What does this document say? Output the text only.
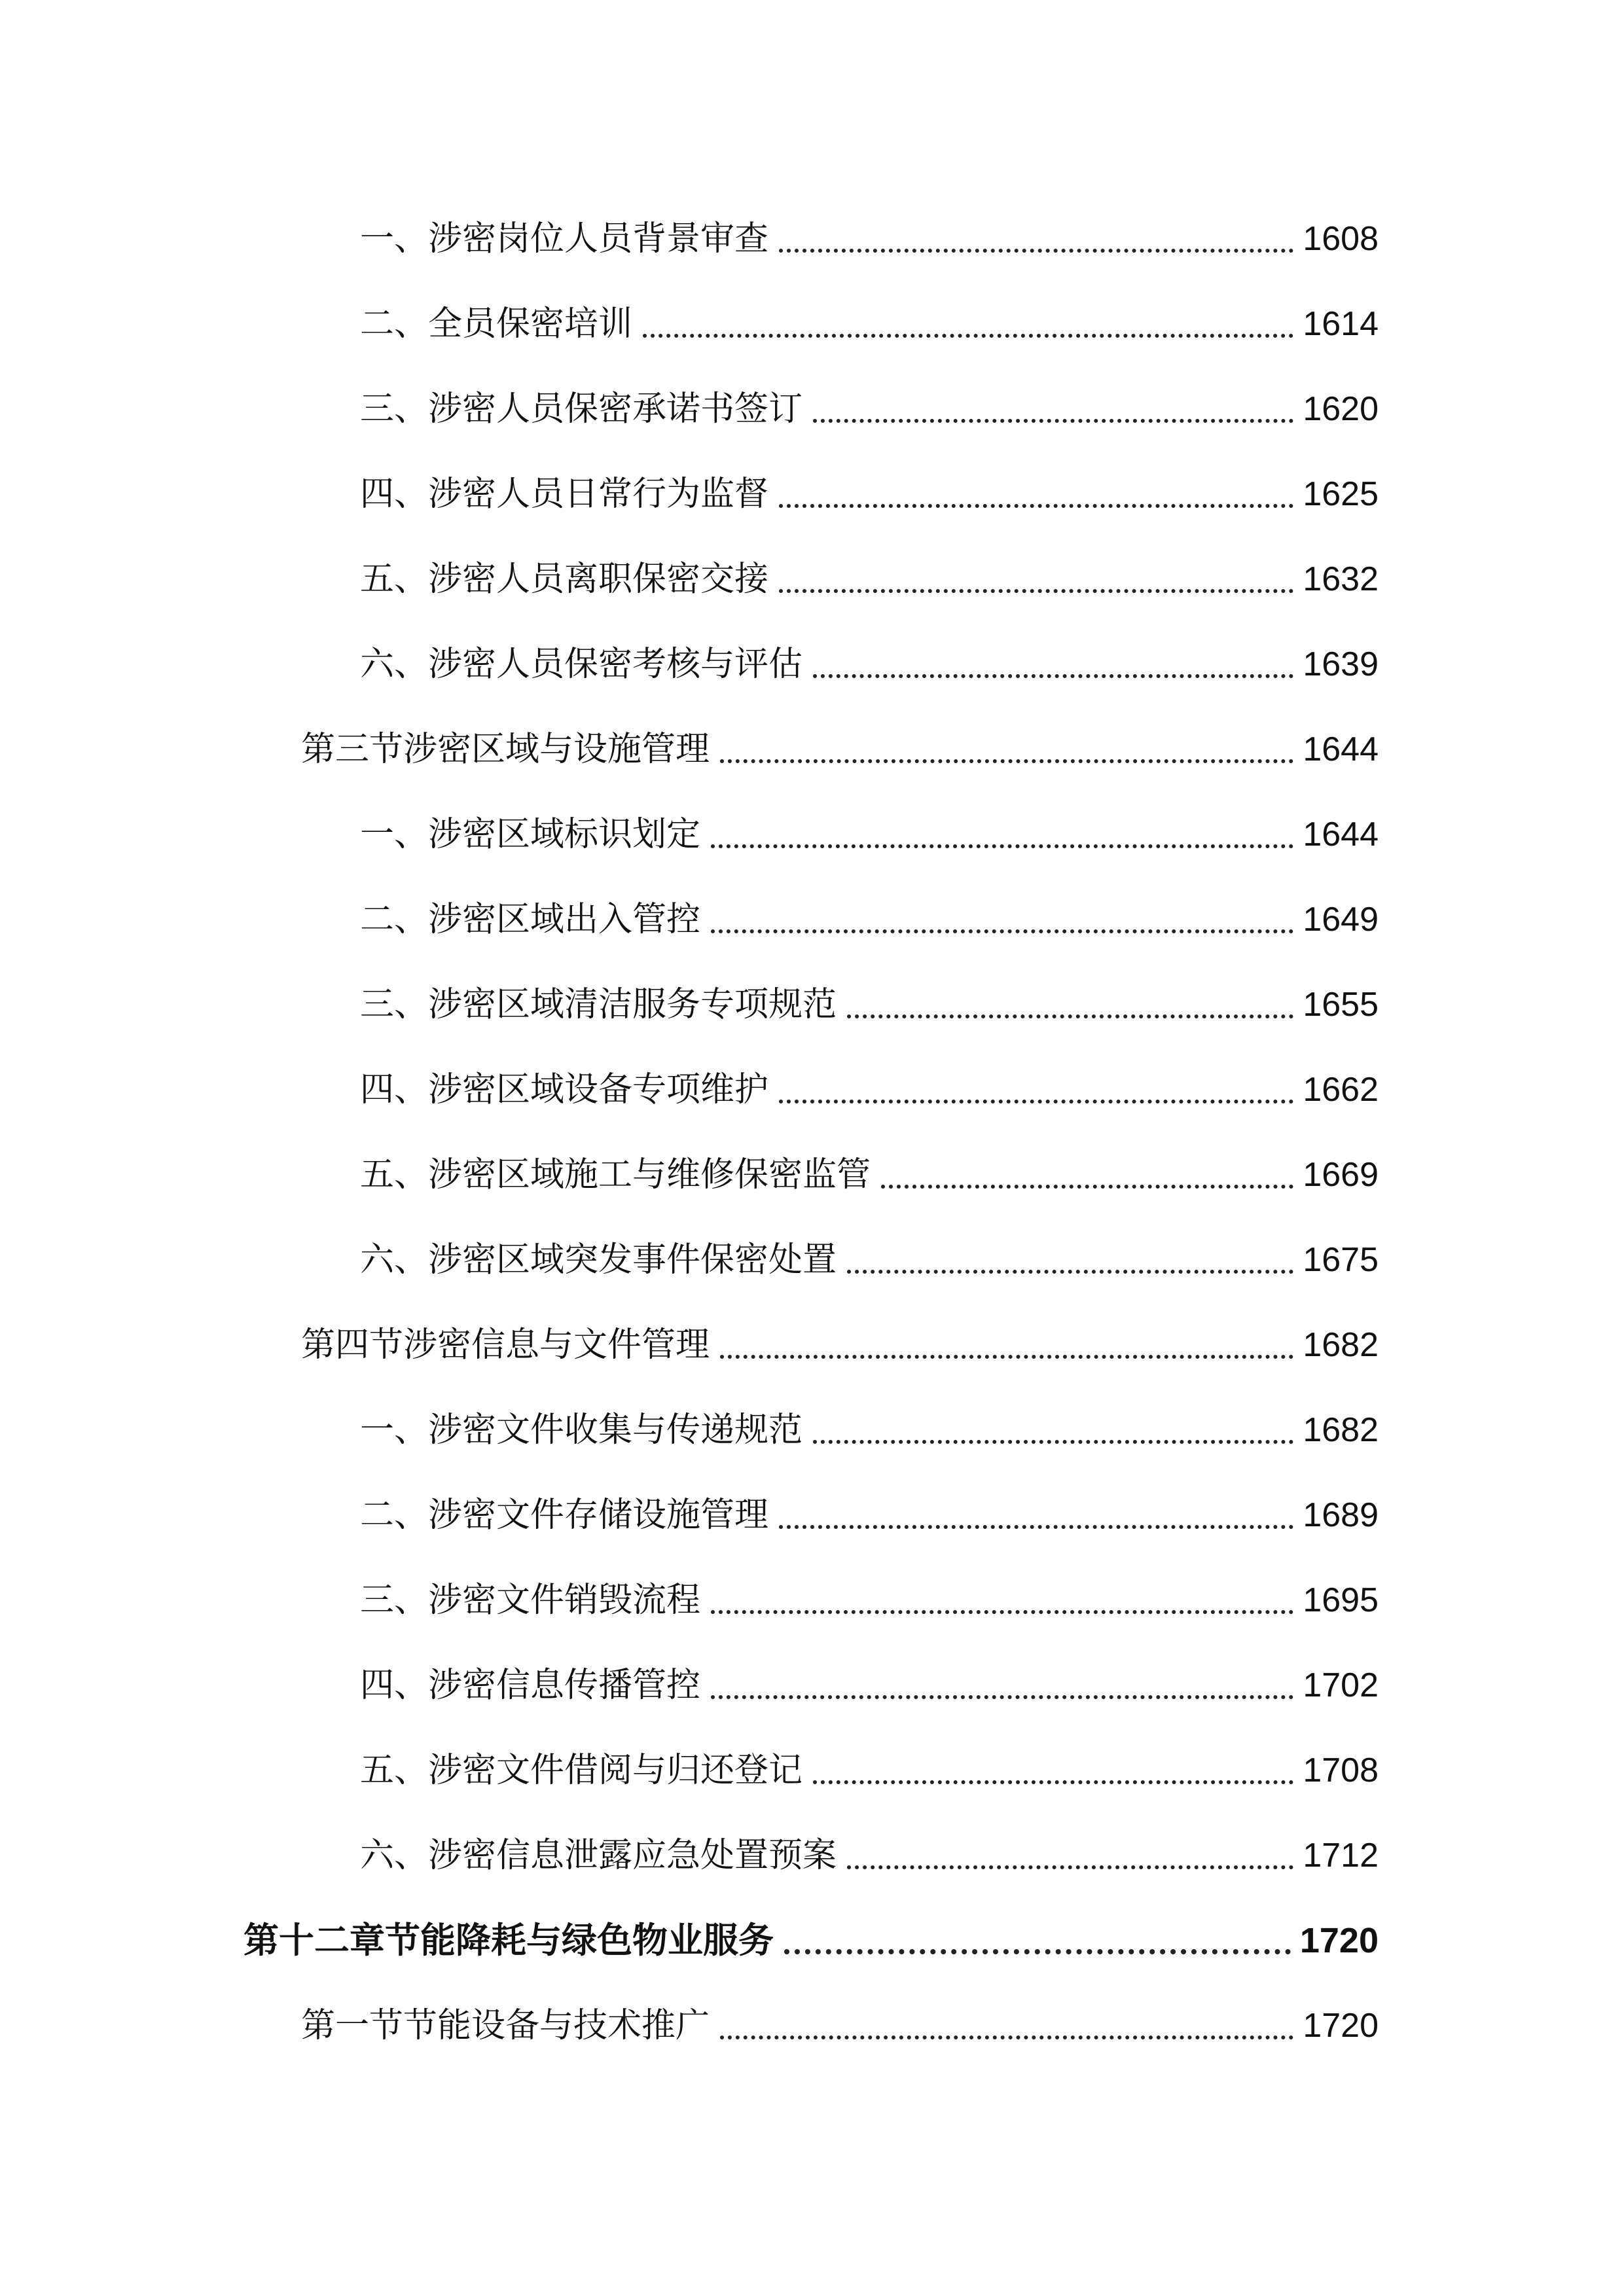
一、涉密岗位人员背景审查	1608
二、全员保密培训	1614
三、涉密人员保密承诺书签订	1620
四、涉密人员日常行为监督	1625
五、涉密人员离职保密交接	1632
六、涉密人员保密考核与评估	1639
第三节涉密区域与设施管理	1644
一、涉密区域标识划定	1644
二、涉密区域出入管控	1649
三、涉密区域清洁服务专项规范	1655
四、涉密区域设备专项维护	1662
五、涉密区域施工与维修保密监管	1669
六、涉密区域突发事件保密处置	1675
第四节涉密信息与文件管理	1682
一、涉密文件收集与传递规范	1682
二、涉密文件存储设施管理	1689
三、涉密文件销毁流程	1695
四、涉密信息传播管控	1702
五、涉密文件借阅与归还登记	1708
六、涉密信息泄露应急处置预案	1712
第十二章节能降耗与绿色物业服务	1720
第一节节能设备与技术推广	1720
